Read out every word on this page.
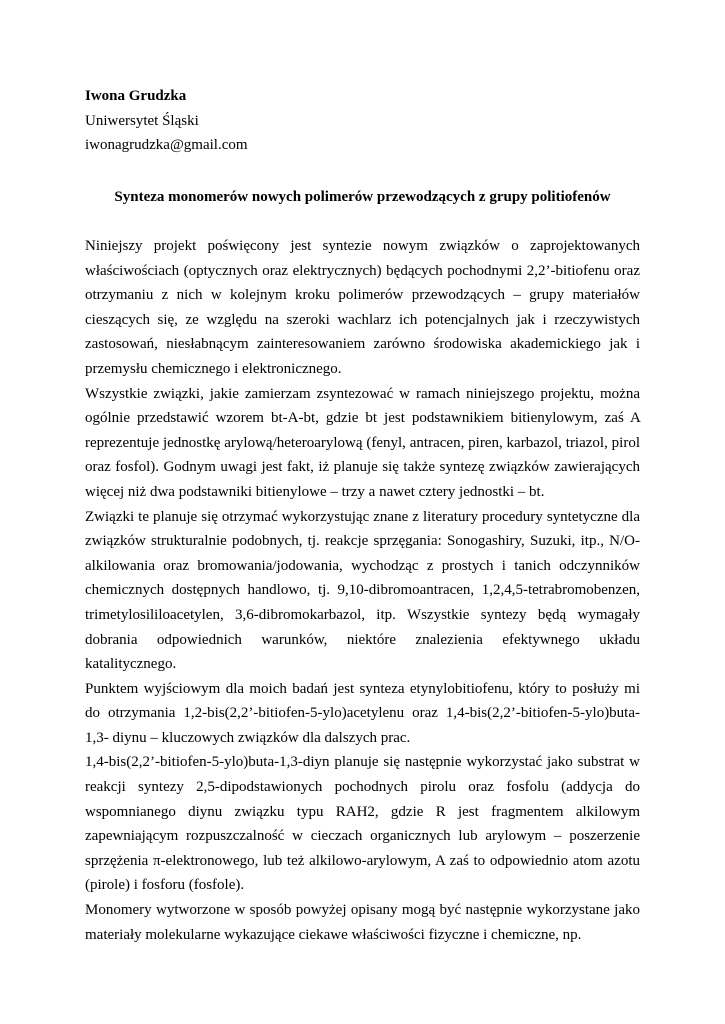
Iwona Grudzka
Uniwersytet Śląski
iwonagrudzka@gmail.com
Synteza monomerów nowych polimerów przewodzących z grupy politiofenów

Niniejszy projekt poświęcony jest syntezie nowym związków o zaprojektowanych właściwościach (optycznych oraz elektrycznych) będących pochodnymi 2,2’-bitiofenu oraz otrzymaniu z nich w kolejnym kroku polimerów przewodzących – grupy materiałów cieszących się, ze względu na szeroki wachlarz ich potencjalnych jak i rzeczywistych zastosowań, niesłabnącym zainteresowaniem zarówno środowiska akademickiego jak i przemysłu chemicznego i elektronicznego.

Wszystkie związki, jakie zamierzam zsyntezować w ramach niniejszego projektu, można ogólnie przedstawić wzorem bt-A-bt, gdzie bt jest podstawnikiem bitienylowym, zaś A reprezentuje jednostkę arylową/heteroarylową (fenyl, antracen, piren, karbazol, triazol, pirol oraz fosfol). Godnym uwagi jest fakt, iż planuje się także syntezę związków zawierających więcej niż dwa podstawniki bitienylowe – trzy a nawet cztery jednostki – bt.

Związki te planuje się otrzymać wykorzystując znane z literatury procedury syntetyczne dla związków strukturalnie podobnych, tj. reakcje sprzęgania: Sonogashiry, Suzuki, itp., N/O- alkilowania oraz bromowania/jodowania, wychodząc z prostych i tanich odczynników chemicznych dostępnych handlowo, tj. 9,10-dibromoantracen, 1,2,4,5-tetrabromobenzen, trimetylosililoacetylen, 3,6-dibromokarbazol, itp. Wszystkie syntezy będą wymagały dobrania odpowiednich warunków, niektóre znalezienia efektywnego układu katalitycznego.

Punktem wyjściowym dla moich badań jest synteza etynylobitiofenu, który to posłuży mi do otrzymania 1,2-bis(2,2’-bitiofen-5-ylo)acetylenu oraz 1,4-bis(2,2’-bitiofen-5-ylo)buta-1,3- diynu – kluczowych związków dla dalszych prac.

1,4-bis(2,2’-bitiofen-5-ylo)buta-1,3-diyn planuje się następnie wykorzystać jako substrat w reakcji syntezy 2,5-dipodstawionych pochodnych pirolu oraz fosfolu (addycja do wspomnianego diynu związku typu RAH2, gdzie R jest fragmentem alkilowym zapewniającym rozpuszczalność w cieczach organicznych lub arylowym – poszerzenie sprzężenia π-elektronowego, lub też alkilowo-arylowym, A zaś to odpowiednio atom azotu (pirole) i fosforu (fosfole).

Monomery wytworzone w sposób powyżej opisany mogą być następnie wykorzystane jako materiały molekularne wykazujące ciekawe właściwości fizyczne i chemiczne, np.
